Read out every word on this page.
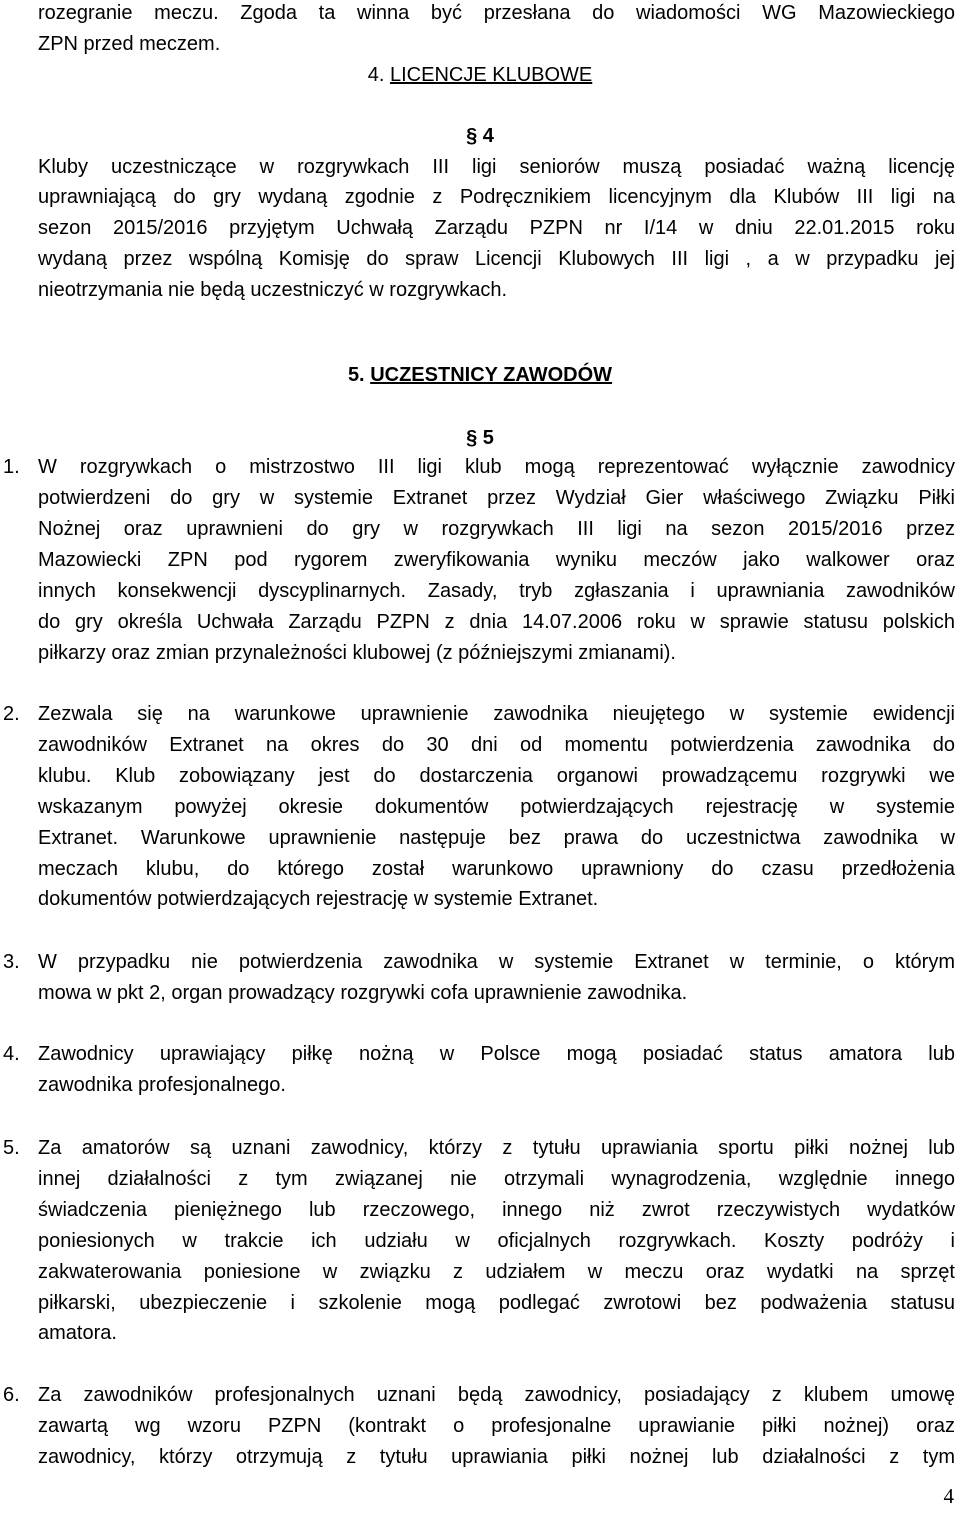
rozegranie meczu. Zgoda ta winna być przesłana do wiadomości WG Mazowieckiego
ZPN przed meczem.
4. LICENCJE KLUBOWE
§ 4
Kluby uczestniczące w rozgrywkach III ligi seniorów muszą posiadać ważną licencję
uprawniającą do gry wydaną zgodnie z Podręcznikiem licencyjnym dla Klubów III ligi na
sezon 2015/2016 przyjętym Uchwałą Zarządu PZPN nr I/14 w dniu 22.01.2015 roku
wydaną przez wspólną Komisję do spraw Licencji Klubowych III ligi , a w przypadku jej
nieotrzymania nie będą uczestniczyć w rozgrywkach.
5. UCZESTNICY ZAWODÓW
§ 5
1. W rozgrywkach o mistrzostwo III ligi klub mogą reprezentować wyłącznie zawodnicy
potwierdzeni do gry w systemie Extranet przez Wydział Gier właściwego Związku Piłki
Nożnej oraz uprawnieni do gry w rozgrywkach III ligi na sezon 2015/2016 przez
Mazowiecki ZPN pod rygorem zweryfikowania wyniku meczów jako walkower oraz
innych konsekwencji dyscyplinarnych. Zasady, tryb zgłaszania i uprawniania zawodników
do gry określa Uchwała Zarządu PZPN z dnia 14.07.2006 roku w sprawie statusu polskich
piłkarzy oraz zmian przynależności klubowej (z późniejszymi zmianami).
2. Zezwala się na warunkowe uprawnienie zawodnika nieujętego w systemie ewidencji
zawodników Extranet na okres do 30 dni od momentu potwierdzenia zawodnika do
klubu. Klub zobowiązany jest do dostarczenia organowi prowadzącemu rozgrywki we
wskazanym powyżej okresie dokumentów potwierdzających rejestrację w systemie
Extranet. Warunkowe uprawnienie następuje bez prawa do uczestnictwa zawodnika w
meczach klubu, do którego został warunkowo uprawniony do czasu przedłożenia
dokumentów potwierdzających rejestrację w systemie Extranet.
3. W przypadku nie potwierdzenia zawodnika w systemie Extranet w terminie, o którym
mowa w pkt 2, organ prowadzący rozgrywki cofa uprawnienie zawodnika.
4. Zawodnicy uprawiający piłkę nożną w Polsce mogą posiadać status amatora lub
zawodnika profesjonalnego.
5. Za amatorów są uznani zawodnicy, którzy z tytułu uprawiania sportu piłki nożnej lub
innej działalności z tym związanej nie otrzymali wynagrodzenia, względnie innego
świadczenia pieniężnego lub rzeczowego, innego niż zwrot rzeczywistych wydatków
poniesionych w trakcie ich udziału w oficjalnych rozgrywkach. Koszty podróży i
zakwaterowania poniesione w związku z udziałem w meczu oraz wydatki na sprzęt
piłkarski, ubezpieczenie i szkolenie mogą podlegać zwrotowi bez podważenia statusu
amatora.
6. Za zawodników profesjonalnych uznani będą zawodnicy, posiadający z klubem umowę
zawartą wg wzoru PZPN (kontrakt o profesjonalne uprawianie piłki nożnej) oraz
zawodnicy, którzy otrzymują z tytułu uprawiania piłki nożnej lub działalności z tym
4
